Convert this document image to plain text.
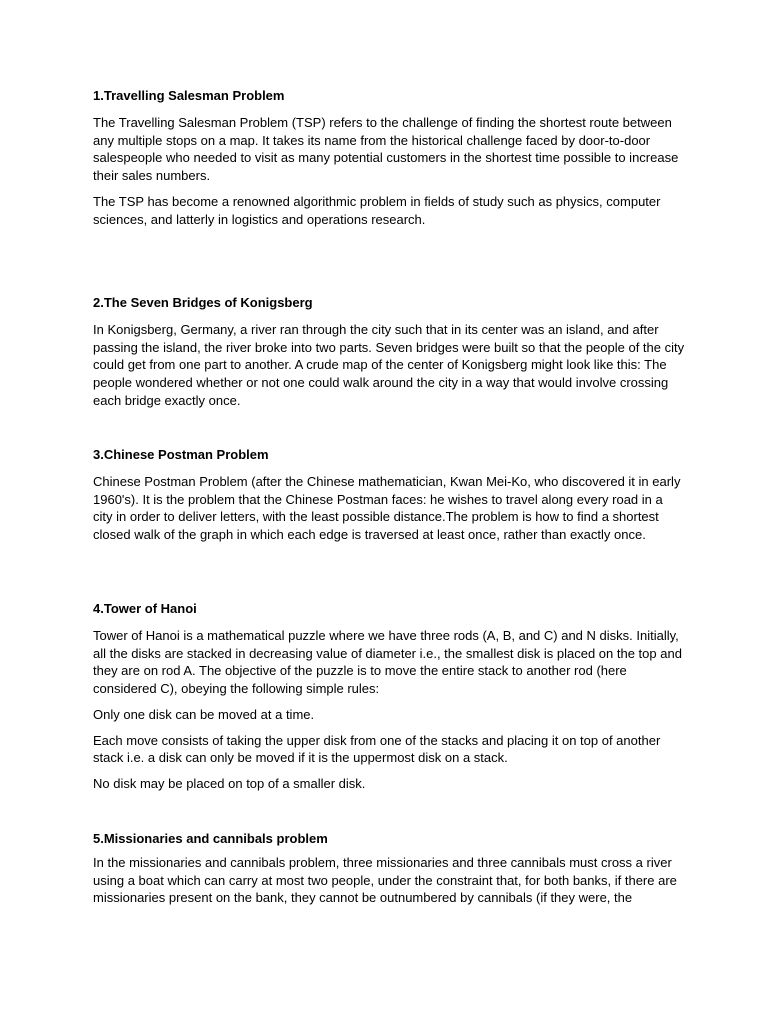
1.Travelling Salesman Problem

The Travelling Salesman Problem (TSP) refers to the challenge of finding the shortest route between any multiple stops on a map. It takes its name from the historical challenge faced by door-to-door salespeople who needed to visit as many potential customers in the shortest time possible to increase their sales numbers.

The TSP has become a renowned algorithmic problem in fields of study such as physics, computer sciences, and latterly in logistics and operations research.

2.The Seven Bridges of Konigsberg

In Konigsberg, Germany, a river ran through the city such that in its center was an island, and after passing the island, the river broke into two parts. Seven bridges were built so that the people of the city could get from one part to another. A crude map of the center of Konigsberg might look like this: The people wondered whether or not one could walk around the city in a way that would involve crossing each bridge exactly once.

3.Chinese Postman Problem

Chinese Postman Problem (after the Chinese mathematician, Kwan Mei-Ko, who discovered it in early 1960's). It is the problem that the Chinese Postman faces: he wishes to travel along every road in a city in order to deliver letters, with the least possible distance.The problem is how to find a shortest closed walk of the graph in which each edge is traversed at least once, rather than exactly once.

4.Tower of Hanoi

Tower of Hanoi is a mathematical puzzle where we have three rods (A, B, and C) and N disks. Initially, all the disks are stacked in decreasing value of diameter i.e., the smallest disk is placed on the top and they are on rod A. The objective of the puzzle is to move the entire stack to another rod (here considered C), obeying the following simple rules:

Only one disk can be moved at a time.

Each move consists of taking the upper disk from one of the stacks and placing it on top of another stack i.e. a disk can only be moved if it is the uppermost disk on a stack.

No disk may be placed on top of a smaller disk.

5.Missionaries and cannibals problem

In the missionaries and cannibals problem, three missionaries and three cannibals must cross a river using a boat which can carry at most two people, under the constraint that, for both banks, if there are missionaries present on the bank, they cannot be outnumbered by cannibals (if they were, the
